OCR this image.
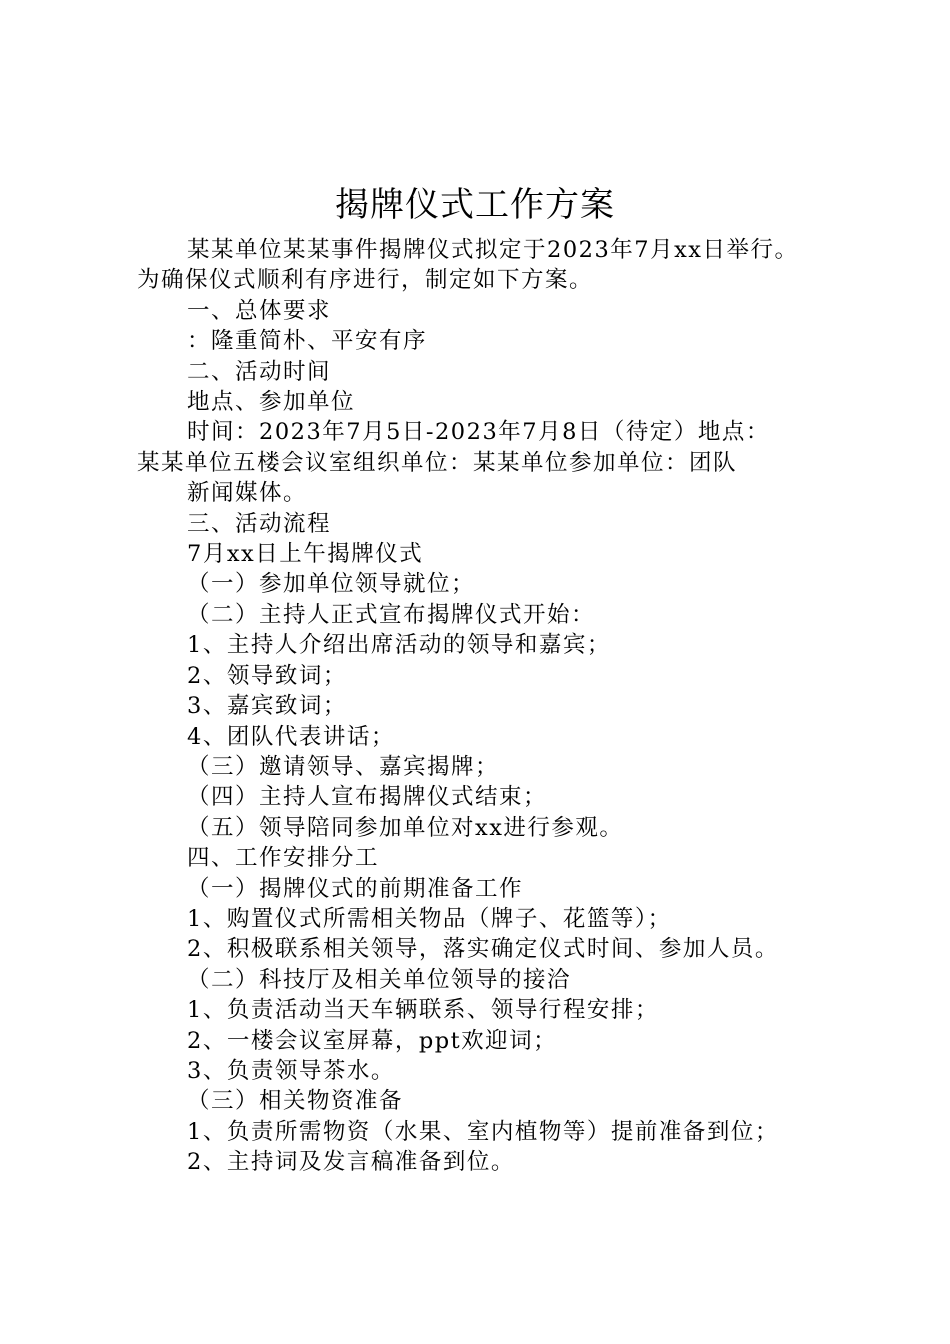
揭牌仪式工作方案

某某单位某某事件揭牌仪式拟定于2023年7月xx日举行。

为确保仪式顺利有序进行，制定如下方案。

一、总体要求

：隆重简朴、平安有序

二、活动时间

地点、参加单位

时间：2023年7月5日-2023年7月8日（待定）地点：

某某单位五楼会议室组织单位：某某单位参加单位：团队

新闻媒体。

三、活动流程

7月xx日上午揭牌仪式

（一）参加单位领导就位；

（二）主持人正式宣布揭牌仪式开始：

1、主持人介绍出席活动的领导和嘉宾；

2、领导致词；

3、嘉宾致词；

4、团队代表讲话；

（三）邀请领导、嘉宾揭牌；

（四）主持人宣布揭牌仪式结束；

（五）领导陪同参加单位对xx进行参观。

四、工作安排分工

（一）揭牌仪式的前期准备工作

1、购置仪式所需相关物品（牌子、花篮等）；

2、积极联系相关领导，落实确定仪式时间、参加人员。

（二）科技厅及相关单位领导的接洽

1、负责活动当天车辆联系、领导行程安排；

2、一楼会议室屏幕，ppt欢迎词；

3、负责领导茶水。

（三）相关物资准备

1、负责所需物资（水果、室内植物等）提前准备到位；

2、主持词及发言稿准备到位。
